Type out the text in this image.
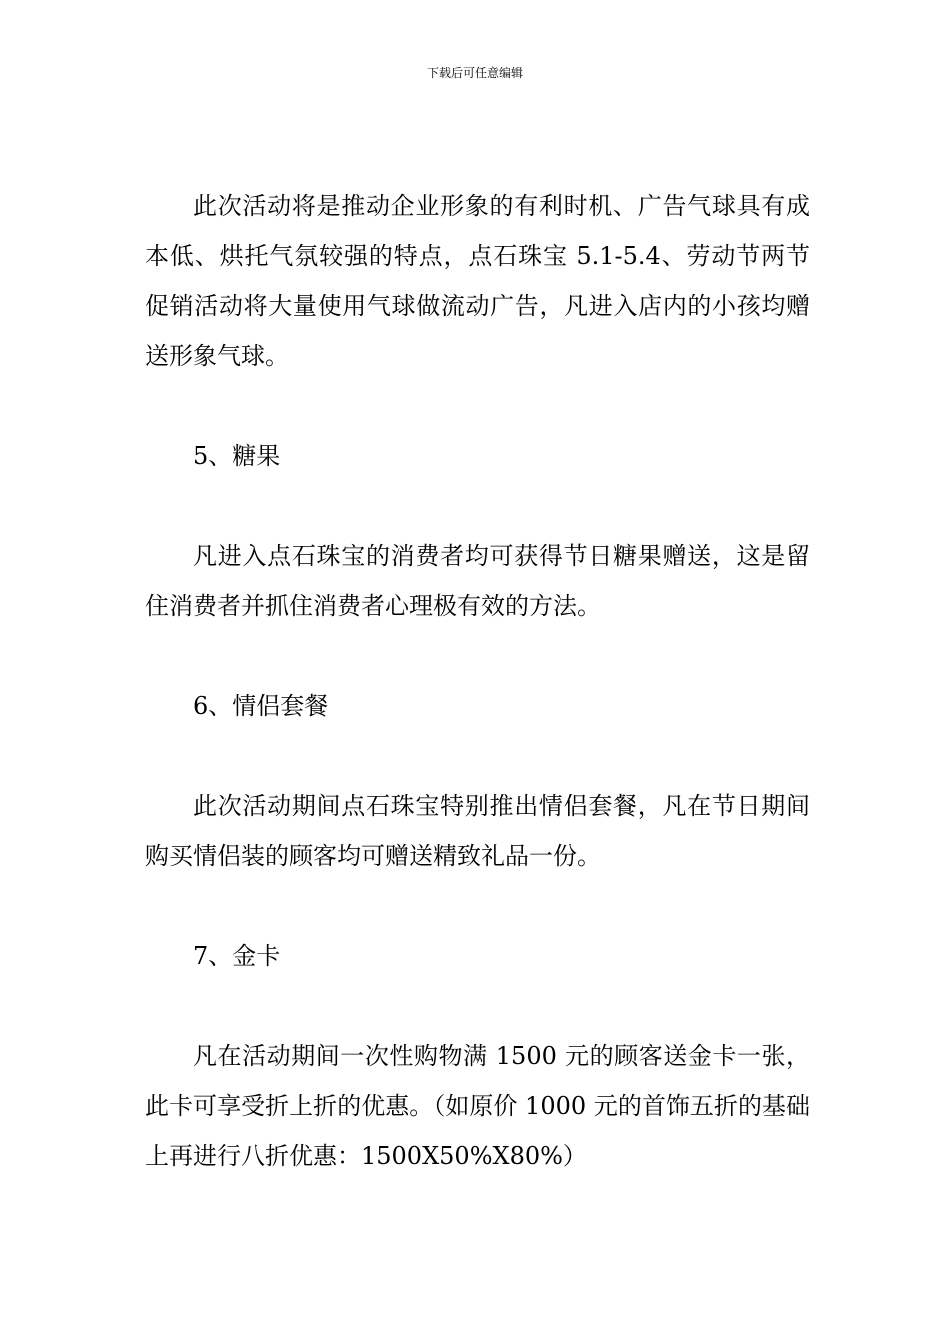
下载后可任意编辑

此次活动将是推动企业形象的有利时机、广告气球具有成本低、烘托气氛较强的特点，点石珠宝 5.1-5.4、劳动节两节促销活动将大量使用气球做流动广告，凡进入店内的小孩均赠送形象气球。

5、糖果

凡进入点石珠宝的消费者均可获得节日糖果赠送，这是留住消费者并抓住消费者心理极有效的方法。

6、情侣套餐

此次活动期间点石珠宝特别推出情侣套餐，凡在节日期间购买情侣装的顾客均可赠送精致礼品一份。

7、金卡

凡在活动期间一次性购物满 1500 元的顾客送金卡一张，此卡可享受折上折的优惠。（如原价 1000 元的首饰五折的基础上再进行八折优惠：1500X50%X80%）
